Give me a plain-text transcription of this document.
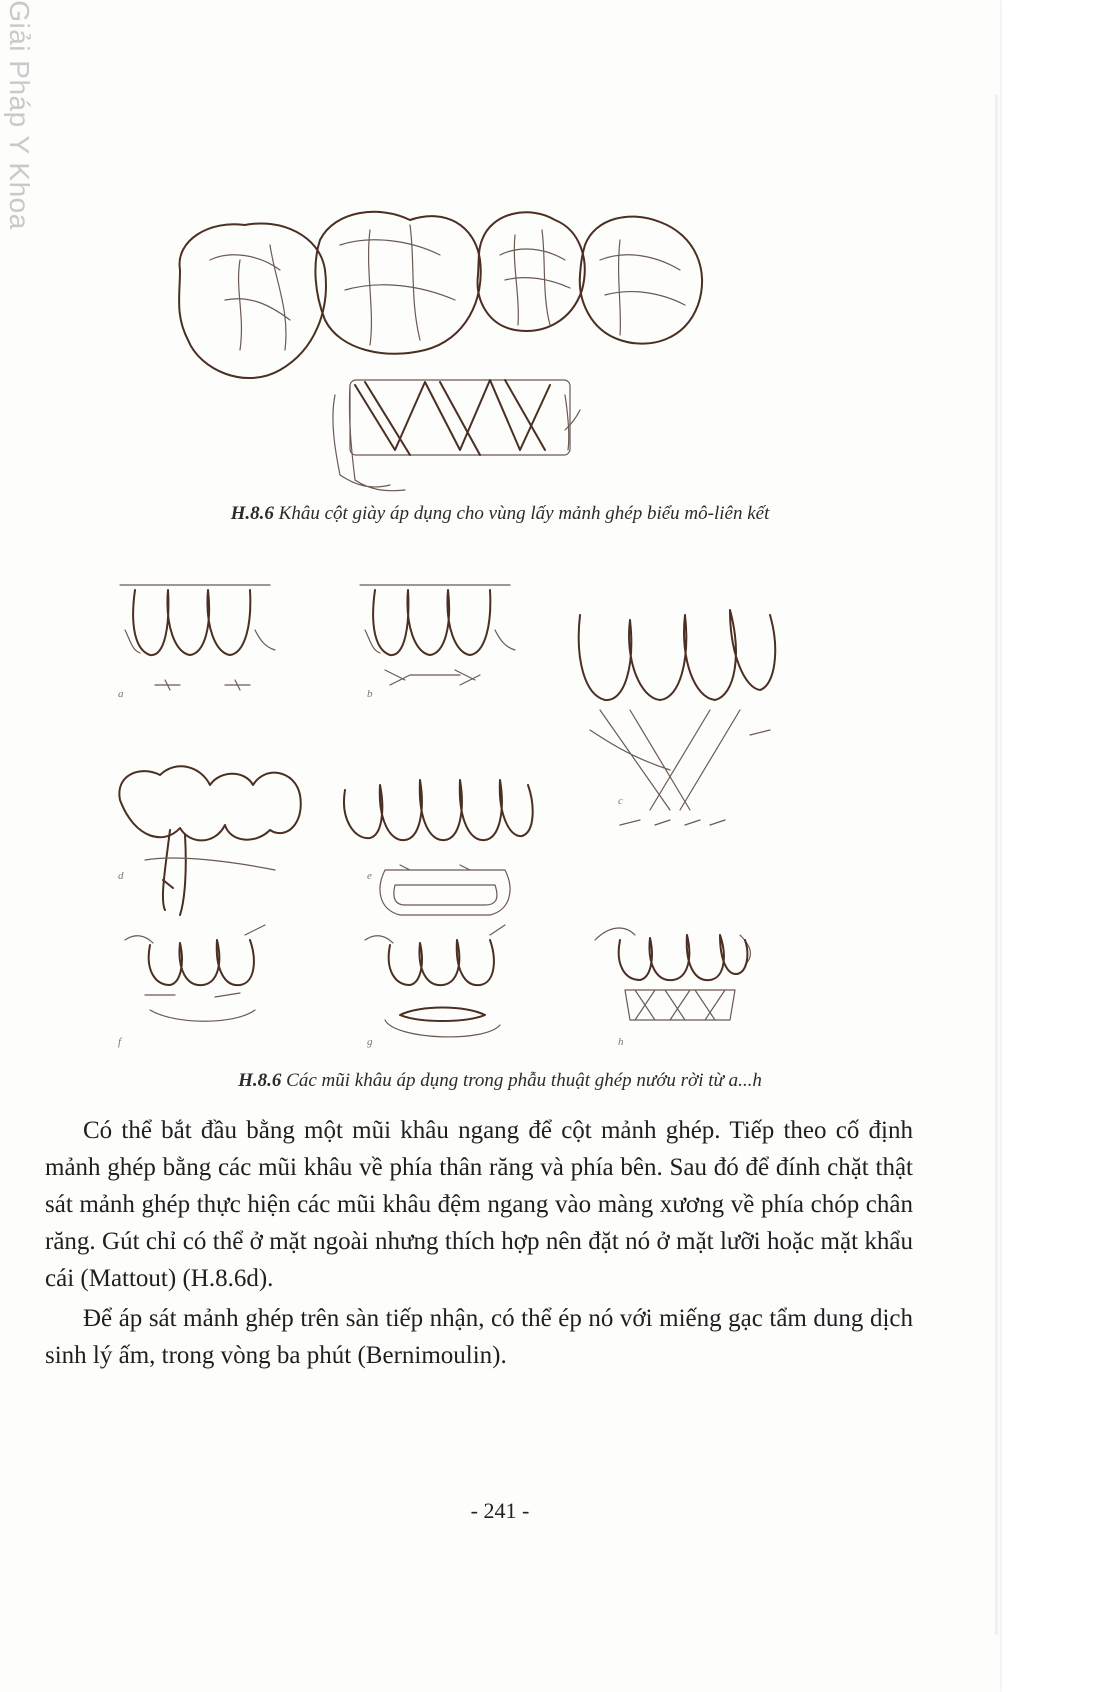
Giải Pháp Y Khoa
H.8.6 Khâu cột giày áp dụng cho vùng lấy mảnh ghép biểu mô-liên kết
a	b
c
d	e
f	g	h
H.8.6 Các mũi khâu áp dụng trong phẫu thuật ghép nướu rời từ a...h

Có thể bắt đầu bằng một mũi khâu ngang để cột mảnh ghép. Tiếp theo cố định mảnh ghép bằng các mũi khâu về phía thân răng và phía bên. Sau đó để đính chặt thật sát mảnh ghép thực hiện các mũi khâu đệm ngang vào màng xương về phía chóp chân răng. Gút chỉ có thể ở mặt ngoài nhưng thích hợp nên đặt nó ở mặt lưỡi hoặc mặt khẩu cái (Mattout) (H.8.6d).

Để áp sát mảnh ghép trên sàn tiếp nhận, có thể ép nó với miếng gạc tẩm dung dịch sinh lý ấm, trong vòng ba phút (Bernimoulin).

- 241 -
